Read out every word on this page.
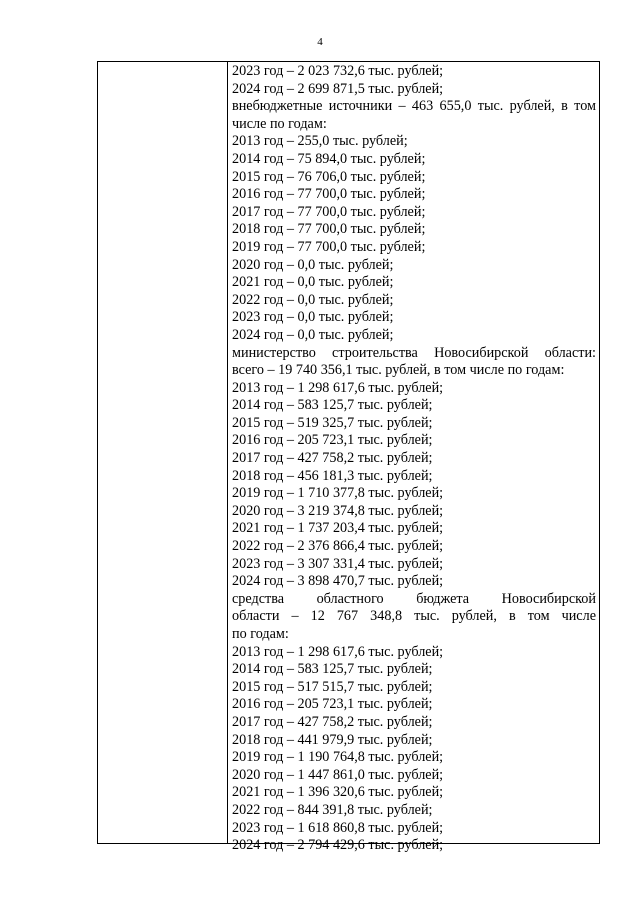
4
2023 год – 2 023 732,6 тыс. рублей;
2024 год – 2 699 871,5 тыс. рублей;
внебюджетные источники – 463 655,0 тыс. рублей, в том
числе по годам:
2013 год – 255,0 тыс. рублей;
2014 год – 75 894,0 тыс. рублей;
2015 год – 76 706,0 тыс. рублей;
2016 год – 77 700,0 тыс. рублей;
2017 год – 77 700,0 тыс. рублей;
2018 год – 77 700,0 тыс. рублей;
2019 год – 77 700,0 тыс. рублей;
2020 год – 0,0 тыс. рублей;
2021 год – 0,0 тыс. рублей;
2022 год – 0,0 тыс. рублей;
2023 год – 0,0 тыс. рублей;
2024 год – 0,0 тыс. рублей;
министерство строительства Новосибирской области:
всего – 19 740 356,1 тыс. рублей, в том числе по годам:
2013 год – 1 298 617,6 тыс. рублей;
2014 год – 583 125,7 тыс. рублей;
2015 год – 519 325,7 тыс. рублей;
2016 год – 205 723,1 тыс. рублей;
2017 год – 427 758,2 тыс. рублей;
2018 год – 456 181,3 тыс. рублей;
2019 год – 1 710 377,8 тыс. рублей;
2020 год – 3 219 374,8 тыс. рублей;
2021 год – 1 737 203,4 тыс. рублей;
2022 год – 2 376 866,4 тыс. рублей;
2023 год – 3 307 331,4 тыс. рублей;
2024 год – 3 898 470,7 тыс. рублей;
средства областного бюджета Новосибирской
области – 12 767 348,8 тыс. рублей, в том числе
по годам:
2013 год – 1 298 617,6 тыс. рублей;
2014 год – 583 125,7 тыс. рублей;
2015 год – 517 515,7 тыс. рублей;
2016 год – 205 723,1 тыс. рублей;
2017 год – 427 758,2 тыс. рублей;
2018 год – 441 979,9 тыс. рублей;
2019 год – 1 190 764,8 тыс. рублей;
2020 год – 1 447 861,0 тыс. рублей;
2021 год – 1 396 320,6 тыс. рублей;
2022 год – 844 391,8 тыс. рублей;
2023 год – 1 618 860,8 тыс. рублей;
2024 год – 2 794 429,6 тыс. рублей;
